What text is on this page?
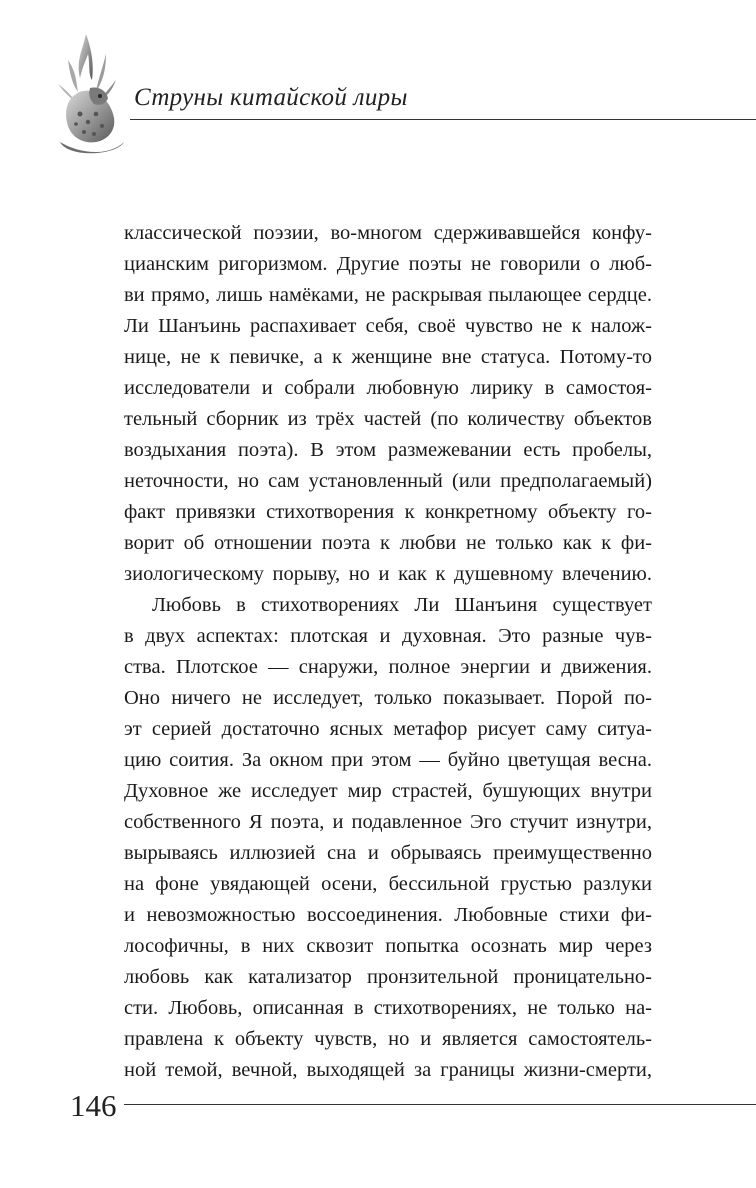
Струны китайской лиры
классической поэзии, во-многом сдерживавшейся конфу-
цианским ригоризмом. Другие поэты не говорили о люб-
ви прямо, лишь намёками, не раскрывая пылающее сердце.
Ли Шанъинь распахивает себя, своё чувство не к налож-
нице, не к певичке, а к женщине вне статуса. Потому-то
исследователи и собрали любовную лирику в самостоя-
тельный сборник из трёх частей (по количеству объектов
воздыхания поэта). В этом размежевании есть пробелы,
неточности, но сам установленный (или предполагаемый)
факт привязки стихотворения к конкретному объекту го-
ворит об отношении поэта к любви не только как к фи-
зиологическому порыву, но и как к душевному влечению.
Любовь в стихотворениях Ли Шанъиня существует
в двух аспектах: плотская и духовная. Это разные чув-
ства. Плотское — снаружи, полное энергии и движения.
Оно ничего не исследует, только показывает. Порой по-
эт серией достаточно ясных метафор рисует саму ситуа-
цию соития. За окном при этом — буйно цветущая весна.
Духовное же исследует мир страстей, бушующих внутри
собственного Я поэта, и подавленное Эго стучит изнутри,
вырываясь иллюзией сна и обрываясь преимущественно
на фоне увядающей осени, бессильной грустью разлуки
и невозможностью воссоединения. Любовные стихи фи-
лософичны, в них сквозит попытка осознать мир через
любовь как катализатор пронзительной проницательно-
сти. Любовь, описанная в стихотворениях, не только на-
правлена к объекту чувств, но и является самостоятель-
ной темой, вечной, выходящей за границы жизни-смерти,
146
